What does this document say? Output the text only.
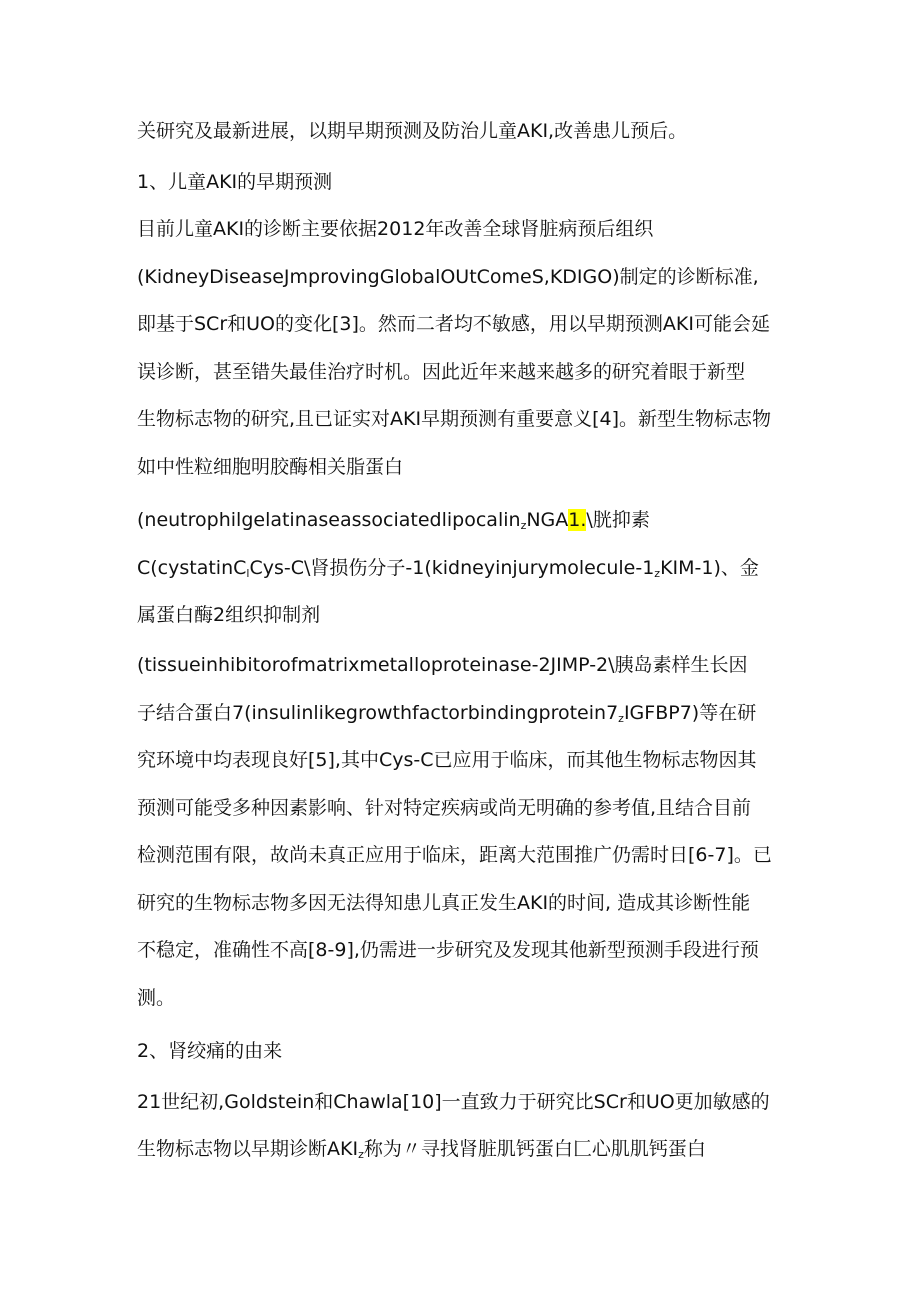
关研究及最新进展，以期早期预测及防治儿童AKI,改善患儿预后。
1、儿童AKI的早期预测
目前儿童AKI的诊断主要依据2012年改善全球肾脏病预后组织
(KidneyDiseaseJmprovingGlobalOUtComeS,KDIGO)制定的诊断标准,
即基于SCr和UO的变化[3]。然而二者均不敏感，用以早期预测AKI可能会延
误诊断，甚至错失最佳治疗时机。因此近年来越来越多的研究着眼于新型
生物标志物的研究,且已证实对AKI早期预测有重要意义[4]。新型生物标志物
如中性粒细胞明胶酶相关脂蛋白
(neutrophilgelatinaseassociatedlipocalin$_z$NGA1.\胱抑素
C(cystatinC$_l$Cys-C\肾损伤分子$-1(kidneyinjurymolecule-1_zKIM-1)$、金
属蛋白酶2组织抑制剂
(tissueinhibitorofmatrixmetalloproteinase-2JIMP-2\胰岛素样生长因
子结合蛋白$7(insulinlikegrowthfactorbindingprotein7_zIGFBP7)$等在研
究环境中均表现良好[5],其中Cys-C已应用于临床，而其他生物标志物因其
预测可能受多种因素影响、针对特定疾病或尚无明确的参考值,且结合目前
检测范围有限，故尚未真正应用于临床，距离大范围推广仍需时日[6-7]。已
研究的生物标志物多因无法得知患儿真正发生AKI的时间, 造成其诊断性能
不稳定，准确性不高[8-9],仍需进一步研究及发现其他新型预测手段进行预
测。
2、肾绞痛的由来
21世纪初,Goldstein和Chawla[10]一直致力于研究比SCr和UO更加敏感的
生物标志物以早期诊断$AKI_z$称为〃寻找肾脏肌钙蛋白匚心肌肌钙蛋白
